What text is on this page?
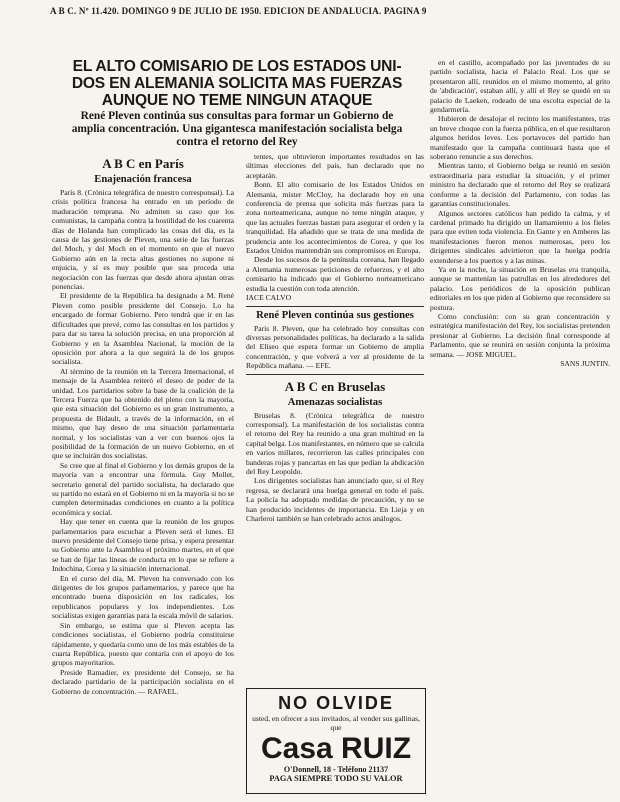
A B C. Nº 11.420. DOMINGO 9 DE JULIO DE 1950. EDICION DE ANDALUCIA. PAGINA 9
EL ALTO COMISARIO DE LOS ESTADOS UNI-
DOS EN ALEMANIA SOLICITA MAS FUERZAS
AUNQUE NO TEME NINGUN ATAQUE
René Pleven continúa sus consultas para formar un Gobierno de
amplia concentración. Una gigantesca manifestación socialista belga
contra el retorno del Rey
A B C en París
Enajenación francesa

París 8. (Crónica telegráfica de nuestro corresponsal). La crisis política francesa ha entrado en un período de maduración temprana. No admiten su caso que los comunistas, la campaña contra la hostilidad de los cuarenta días de Holanda han complicado las cosas del día, es la causa de las gestiones de Pleven, una serie de las fuerzas del Moch, y del Moch en el momento en que el nuevo Gobierno aún en la recta altas gestiones no supone ni enjuicia, y sí es muy posible que sea proceda una negociación con las fuerzas que desde ahora ajustan otras ponencias.

El presidente de la República ha designado a M. René Pleven como posible presidente del Consejo. Lo ha encargado de formar Gobierno. Pero tendrá que ir en las dificultades que prevé, como las consultas en los partidos y para dar su tarea la solución precisa, en una proporción al Gobierno y en la Asamblea Nacional, la moción de la oposición por ahora a la que seguirá la de los grupos socialista.

Al término de la reunión en la Tercera Internacional, el mensaje de la Asamblea reiteró el deseo de poder de la unidad. Los partidarios sobre la base de la coalición de la Tercera Fuerza que ha obtenido del pleno con la mayoría, que esta situación del Gobierno es un gran instrumento, a propuesta de Bidault, a través de la información, en el mismo, que hay deseo de una situación parlamentaria normal, y los socialistas van a ver con buenos ojos la posibilidad de la formación de un nuevo Gobierno, en el que se incluirán dos socialistas.

Se cree que al final el Gobierno y los demás grupos de la mayoría van a encontrar una fórmula. Guy Mollet, secretario general del partido socialista, ha declarado que su partido no estará en el Gobierno ni en la mayoría si no se cumplen determinadas condiciones en cuanto a la política económica y social.

Hay que tener en cuenta que la reunión de los grupos parlamentarios para escuchar a Pleven será el lunes. El nuevo presidente del Consejo tiene prisa, y espera presentar su Gobierno ante la Asamblea el próximo martes, en el que se han de fijar las líneas de conducta en lo que se refiere a Indochina, Corea y la situación internacional.

En el curso del día, M. Pleven ha conversado con los dirigentes de los grupos parlamentarios, y parece que ha encontrado buena disposición en los radicales, los republicanos populares y los independientes. Los socialistas exigen garantías para la escala móvil de salarios.

Sin embargo, se estima que si Pleven acepta las condiciones socialistas, el Gobierno podría constituirse rápidamente, y quedaría como uno de los más estables de la cuarta República, puesto que contaría con el apoyo de los grupos mayoritarios.

Preside Ramadier, ex presidente del Consejo, se ha declarado partidario de la participación socialista en el Gobierno de concentración. — RAFAEL.

tentes, que obtuvieron importantes resultados en las últimas elecciones del país, han declarado que no aceptarán.

Bonn. El alto comisario de los Estados Unidos en Alemania, míster McCloy, ha declarado hoy en una conferencia de prensa que solicita más fuerzas para la zona norteamericana, aunque no teme ningún ataque, y que las actuales fuerzas bastan para asegurar el orden y la tranquilidad. Ha añadido que se trata de una medida de prudencia ante los acontecimientos de Corea, y que los Estados Unidos mantendrán sus compromisos en Europa.

Desde los sucesos de la península coreana, han llegado a Alemania numerosas peticiones de refuerzos, y el alto comisario ha indicado que el Gobierno norteamericano estudia la cuestión con toda atención.

IACE CALVO

René Pleven continúa sus gestiones

París 8. Pleven, que ha celebrado hoy consultas con diversas personalidades políticas, ha declarado a la salida del Elíseo que espera formar un Gobierno de amplia concentración, y que volverá a ver al presidente de la República mañana. — EFE.

A B C en Bruselas
Amenazas socialistas

Bruselas 8. (Crónica telegráfica de nuestro corresponsal). La manifestación de los socialistas contra el retorno del Rey ha reunido a una gran multitud en la capital belga. Los manifestantes, en número que se calcula en varios millares, recorrieron las calles principales con banderas rojas y pancartas en las que pedían la abdicación del Rey Leopoldo.

Los dirigentes socialistas han anunciado que, si el Rey regresa, se declarará una huelga general en todo el país. La policía ha adoptado medidas de precaución, y no se han producido incidentes de importancia. En Lieja y en Charleroi también se han celebrado actos análogos.

en el castillo, acompañado por las juventudes de su partido socialista, hacia el Palacio Real. Los que se presentaron allí, reunidos en el mismo momento, al grito de 'abdicación', estaban allí, y allí el Rey se quedó en su palacio de Laeken, rodeado de una escolta especial de la gendarmería.

Hubieron de desalojar el recinto los manifestantes, tras un breve choque con la fuerza pública, en el que resultaron algunos heridos leves. Los portavoces del partido han manifestado que la campaña continuará hasta que el soberano renuncie a sus derechos.

Mientras tanto, el Gobierno belga se reunió en sesión extraordinaria para estudiar la situación, y el primer ministro ha declarado que el retorno del Rey se realizará conforme a la decisión del Parlamento, con todas las garantías constitucionales.

Algunos sectores católicos han pedido la calma, y el cardenal primado ha dirigido un llamamiento a los fieles para que eviten toda violencia. En Gante y en Amberes las manifestaciones fueron menos numerosas, pero los dirigentes sindicales advirtieron que la huelga podría extenderse a los puertos y a las minas.

Ya en la noche, la situación en Bruselas era tranquila, aunque se mantenían las patrullas en los alrededores del palacio. Los periódicos de la oposición publican editoriales en los que piden al Gobierno que reconsidere su postura.

Como conclusión: con su gran concentración y estratégica manifestación del Rey, los socialistas pretenden presionar al Gobierno. La decisión final corresponde al Parlamento, que se reunirá en sesión conjunta la próxima semana. — JOSE MIGUEL.

SANS JUNTIN.

NO OLVIDE
usted, en ofrecer a sus invitados, al vender sus gallinas, que
Casa RUIZ
O'Donnell, 18 - Teléfono 21137
PAGA SIEMPRE TODO SU VALOR
